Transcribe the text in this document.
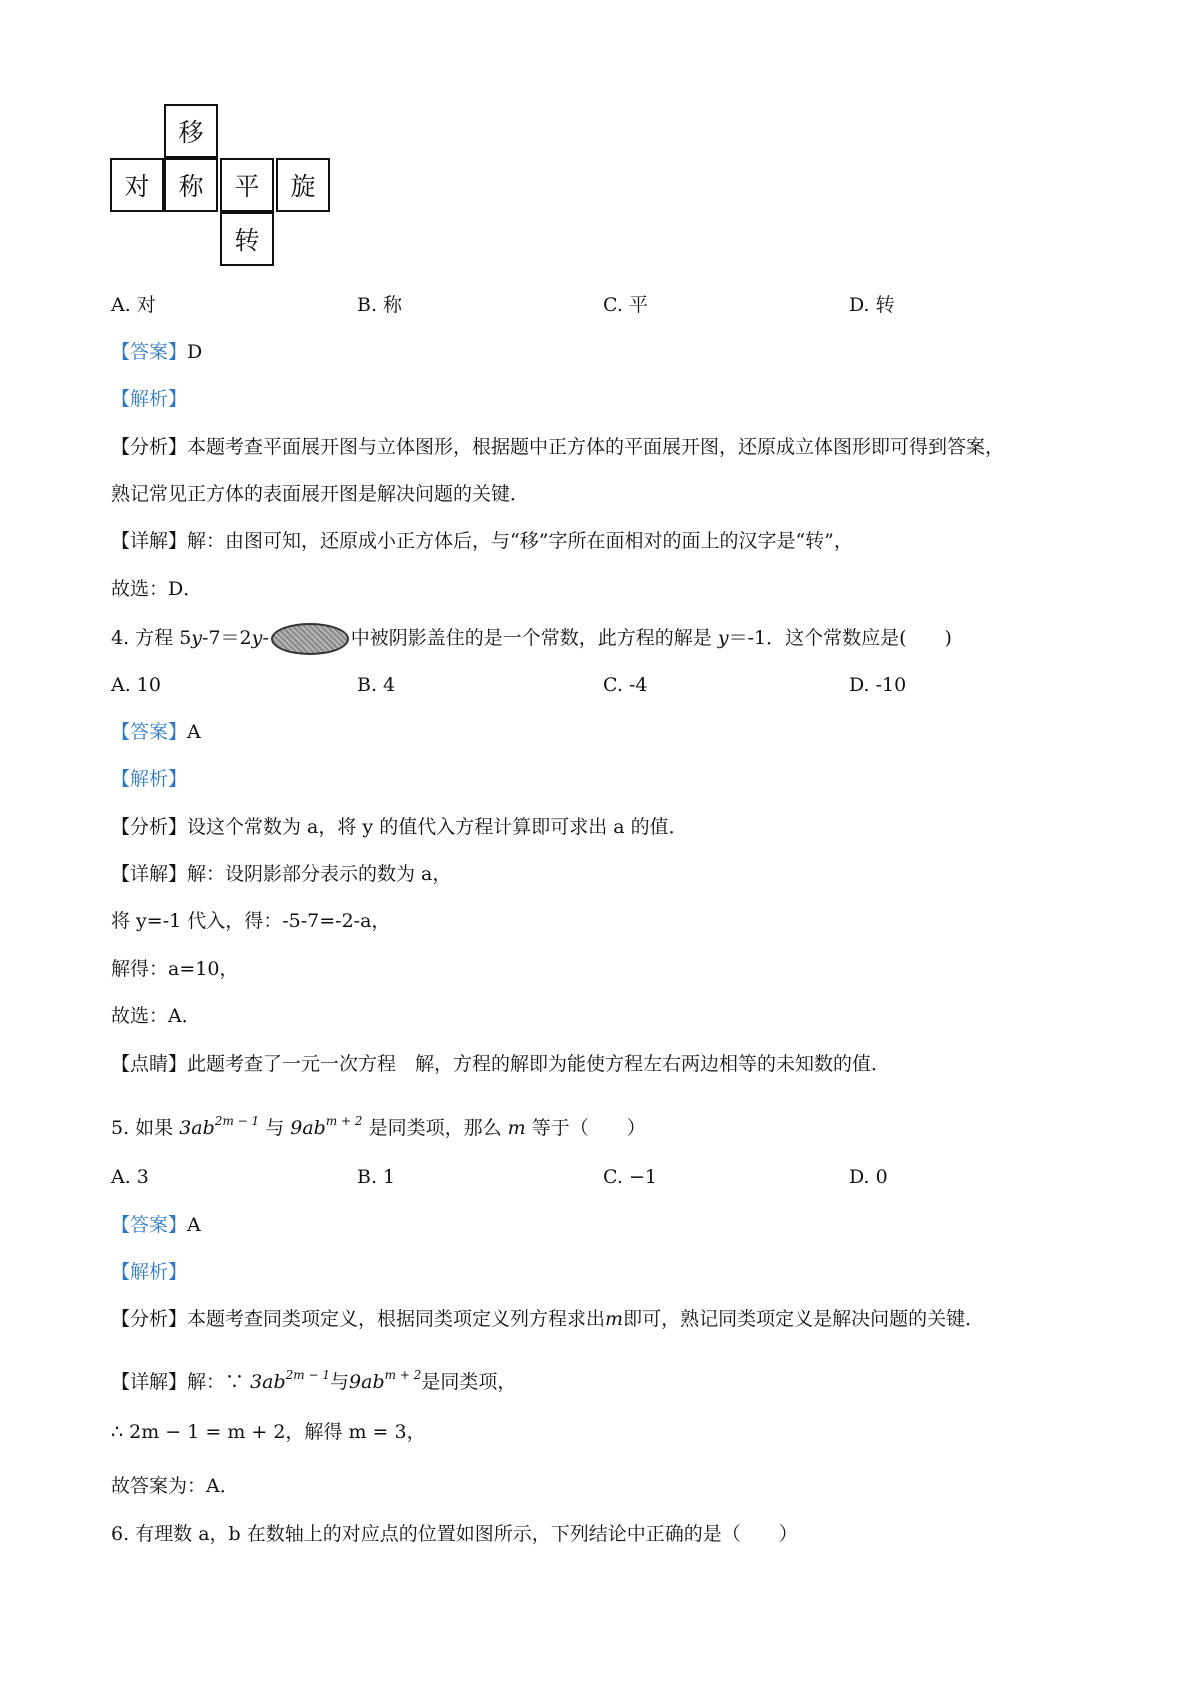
移
对	称	平	旋
转
A. 对	B. 称	C. 平	D. 转
【答案】D
【解析】
【分析】本题考查平面展开图与立体图形，根据题中正方体的平面展开图，还原成立体图形即可得到答案，
熟记常见正方体的表面展开图是解决问题的关键．
【详解】解：由图可知，还原成小正方体后，与“移”字所在面相对的面上的汉字是“转”，
故选：D．
4. 方程 5y-7＝2y-	中被阴影盖住的是一个常数，此方程的解是 y＝-1．这个常数应是(　　)
A. 10	B. 4	C. -4	D. -10
【答案】A
【解析】
【分析】设这个常数为 a，将 y 的值代入方程计算即可求出 a 的值．
【详解】解：设阴影部分表示的数为 a，
将 y=-1 代入，得：-5-7=-2-a，
解得：a=10，
故选：A．
【点睛】此题考查了一元一次方程　解，方程的解即为能使方程左右两边相等的未知数的值．
5. 如果 $3ab^{2m - 1}$ 与 $9ab^{m + 2}$ 是同类项，那么 m 等于（　　）
A. 3	B. 1	C. −1	D. 0
【答案】A
【解析】
【分析】本题考查同类项定义，根据同类项定义列方程求出m即可，熟记同类项定义是解决问题的关键．
【详解】解：∵ $3ab^{2m - 1}$与$9ab^{m + 2}$是同类项，
∴ 2m − 1 = m + 2，解得 m = 3，
故答案为：A．
6. 有理数 a，b 在数轴上的对应点的位置如图所示，下列结论中正确的是（　　）
